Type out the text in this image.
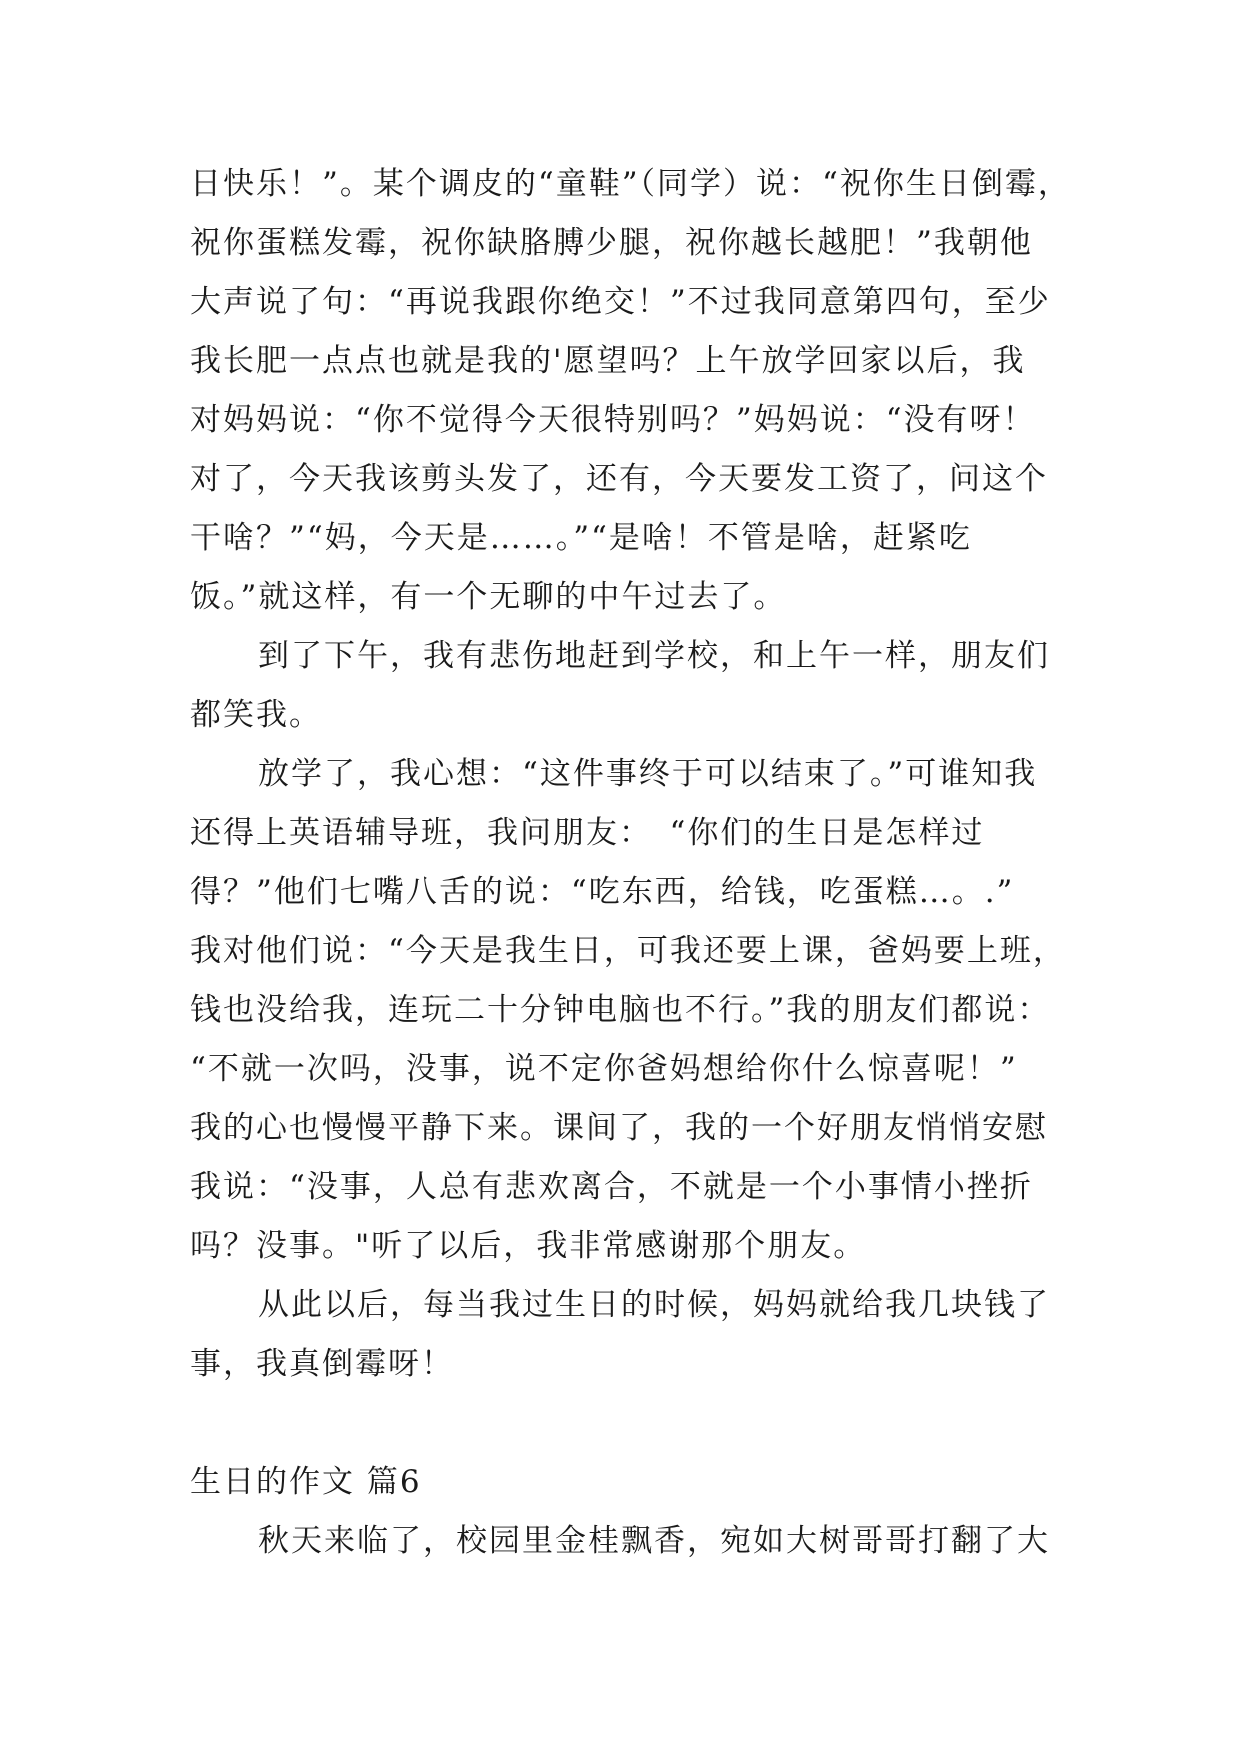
日快乐！”。某个调皮的“童鞋”（同学）说：“祝你生日倒霉，
祝你蛋糕发霉，祝你缺胳膊少腿，祝你越长越肥！”我朝他
大声说了句：“再说我跟你绝交！”不过我同意第四句，至少
我长肥一点点也就是我的'愿望吗？上午放学回家以后，我
对妈妈说：“你不觉得今天很特别吗？”妈妈说：“没有呀！
对了，今天我该剪头发了，还有，今天要发工资了，问这个
干啥？”“妈，今天是……。”“是啥！不管是啥，赶紧吃
饭。”就这样，有一个无聊的中午过去了。
到了下午，我有悲伤地赶到学校，和上午一样，朋友们
都笑我。
放学了，我心想：“这件事终于可以结束了。”可谁知我
还得上英语辅导班，我问朋友：　“你们的生日是怎样过
得？”他们七嘴八舌的说：“吃东西，给钱，吃蛋糕…。.”
我对他们说：“今天是我生日，可我还要上课，爸妈要上班，
钱也没给我，连玩二十分钟电脑也不行。”我的朋友们都说：
“不就一次吗，没事，说不定你爸妈想给你什么惊喜呢！”
我的心也慢慢平静下来。课间了，我的一个好朋友悄悄安慰
我说：“没事，人总有悲欢离合，不就是一个小事情小挫折
吗？没事。"听了以后，我非常感谢那个朋友。
从此以后，每当我过生日的时候，妈妈就给我几块钱了
事，我真倒霉呀！
生日的作文 篇6
秋天来临了，校园里金桂飘香，宛如大树哥哥打翻了大
